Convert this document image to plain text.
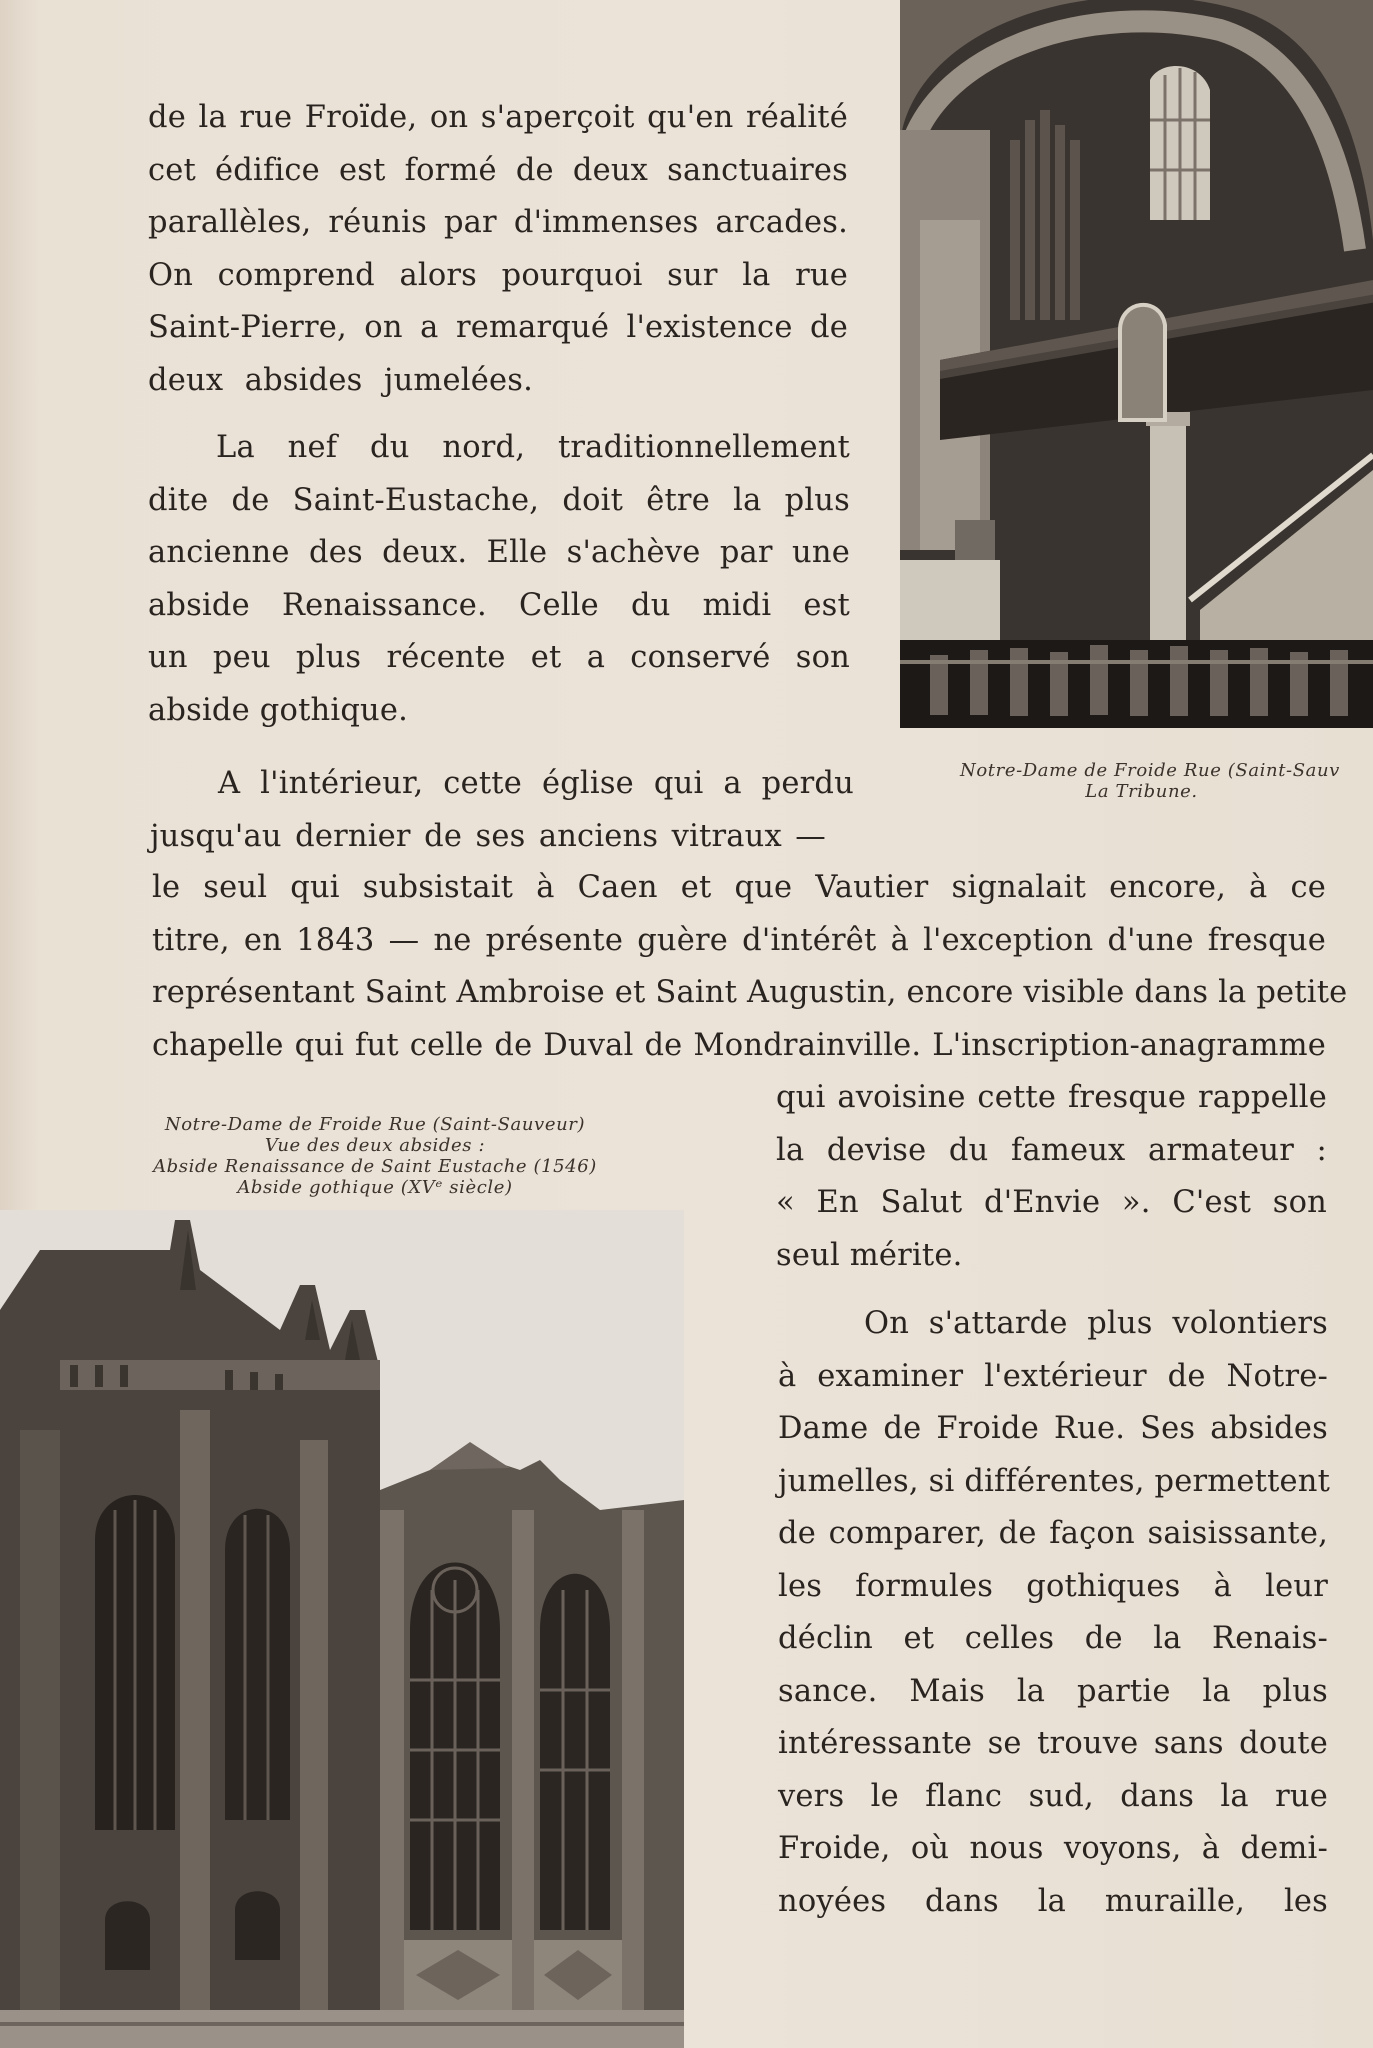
Notre-Dame de Froide Rue (Saint-Sauv
La Tribune.
de la rue Froïde, on s'aperçoit qu'en réalité
cet édifice est formé de deux sanctuaires
parallèles, réunis par d'immenses arcades.
On comprend alors pourquoi sur la rue
Saint-Pierre, on a remarqué l'existence de
deux absides jumelées.
La nef du nord, traditionnellement
dite de Saint-Eustache, doit être la plus
ancienne des deux. Elle s'achève par une
abside Renaissance. Celle du midi est
un peu plus récente et a conservé son
abside gothique.
A l'intérieur, cette église qui a perdu
jusqu'au dernier de ses anciens vitraux —
le seul qui subsistait à Caen et que Vautier signalait encore, à ce
titre, en 1843 — ne présente guère d'intérêt à l'exception d'une fresque
représentant Saint Ambroise et Saint Augustin, encore visible dans la petite
chapelle qui fut celle de Duval de Mondrainville. L'inscription-anagramme
qui avoisine cette fresque rappelle
la devise du fameux armateur :
« En Salut d'Envie ». C'est son
seul mérite.
On s'attarde plus volontiers
à examiner l'extérieur de Notre-
Dame de Froide Rue. Ses absides
jumelles, si différentes, permettent
de comparer, de façon saisissante,
les formules gothiques à leur
déclin et celles de la Renais-
sance. Mais la partie la plus
intéressante se trouve sans doute
vers le flanc sud, dans la rue
Froide, où nous voyons, à demi-
noyées dans la muraille, les
Notre-Dame de Froide Rue (Saint-Sauveur)
Vue des deux absides :
Abside Renaissance de Saint Eustache (1546)
Abside gothique (XVᵉ siècle)
